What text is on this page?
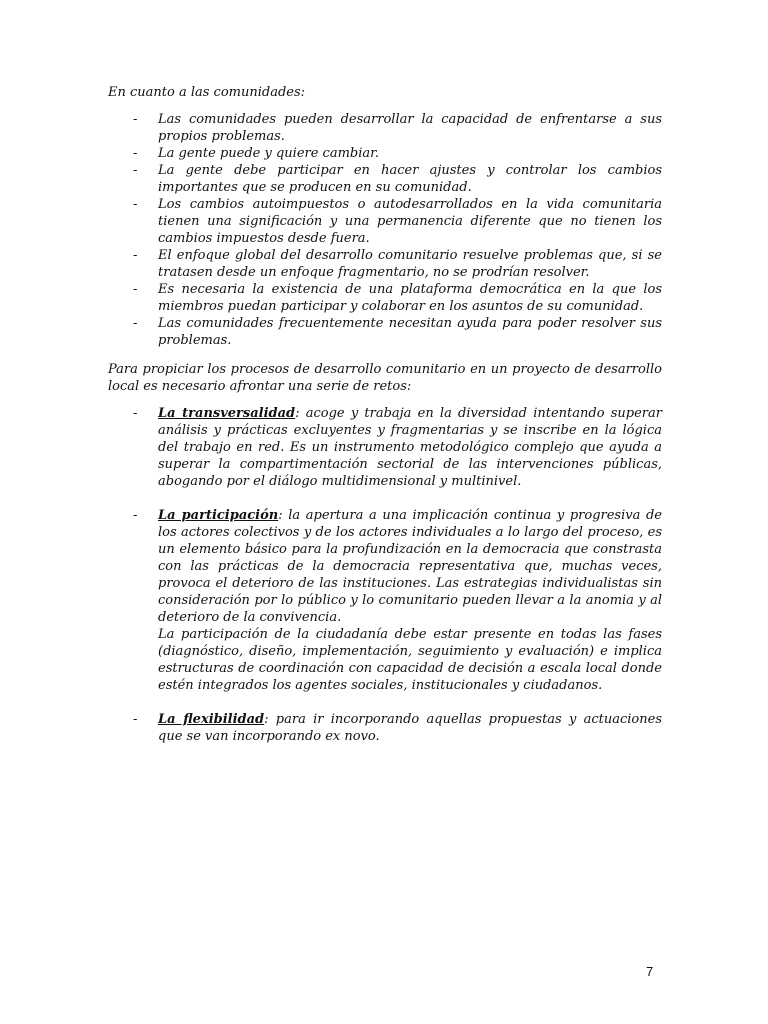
En cuanto a las comunidades:

- Las comunidades pueden desarrollar la capacidad de enfrentarse a sus propios problemas.
- La gente puede y quiere cambiar.
- La gente debe participar en hacer ajustes y controlar los cambios importantes que se producen en su comunidad.
- Los cambios autoimpuestos o autodesarrollados en la vida comunitaria tienen una significación y una permanencia diferente que no tienen los cambios impuestos desde fuera.
- El enfoque global del desarrollo comunitario resuelve problemas que, si se tratasen desde un enfoque fragmentario, no se prodrían resolver.
- Es necesaria la existencia de una plataforma democrática en la que los miembros puedan participar y colaborar en los asuntos de su comunidad.
- Las comunidades frecuentemente necesitan ayuda para poder resolver sus problemas.

Para propiciar los procesos de desarrollo comunitario en un proyecto de desarrollo local es necesario afrontar una serie de retos:

- La transversalidad: acoge y trabaja en la diversidad intentando superar análisis y prácticas excluyentes y fragmentarias y se inscribe en la lógica del trabajo en red. Es un instrumento metodológico complejo que ayuda a superar la compartimentación sectorial de las intervenciones públicas, abogando por el diálogo multidimensional y multinivel.
- La participación: la apertura a una implicación continua y progresiva de los actores colectivos y de los actores individuales a lo largo del proceso, es un elemento básico para la profundización en la democracia que constrasta con las prácticas de la democracia representativa que, muchas veces, provoca el deterioro de las instituciones. Las estrategias individualistas sin consideración por lo público y lo comunitario pueden llevar a la anomia y al deterioro de la convivencia.
La participación de la ciudadanía debe estar presente en todas las fases (diagnóstico, diseño, implementación, seguimiento y evaluación) e implica estructuras de coordinación con capacidad de decisión a escala local donde estén integrados los agentes sociales, institucionales y ciudadanos.
- La flexibilidad: para ir incorporando aquellas propuestas y actuaciones que se van incorporando ex novo.
7
